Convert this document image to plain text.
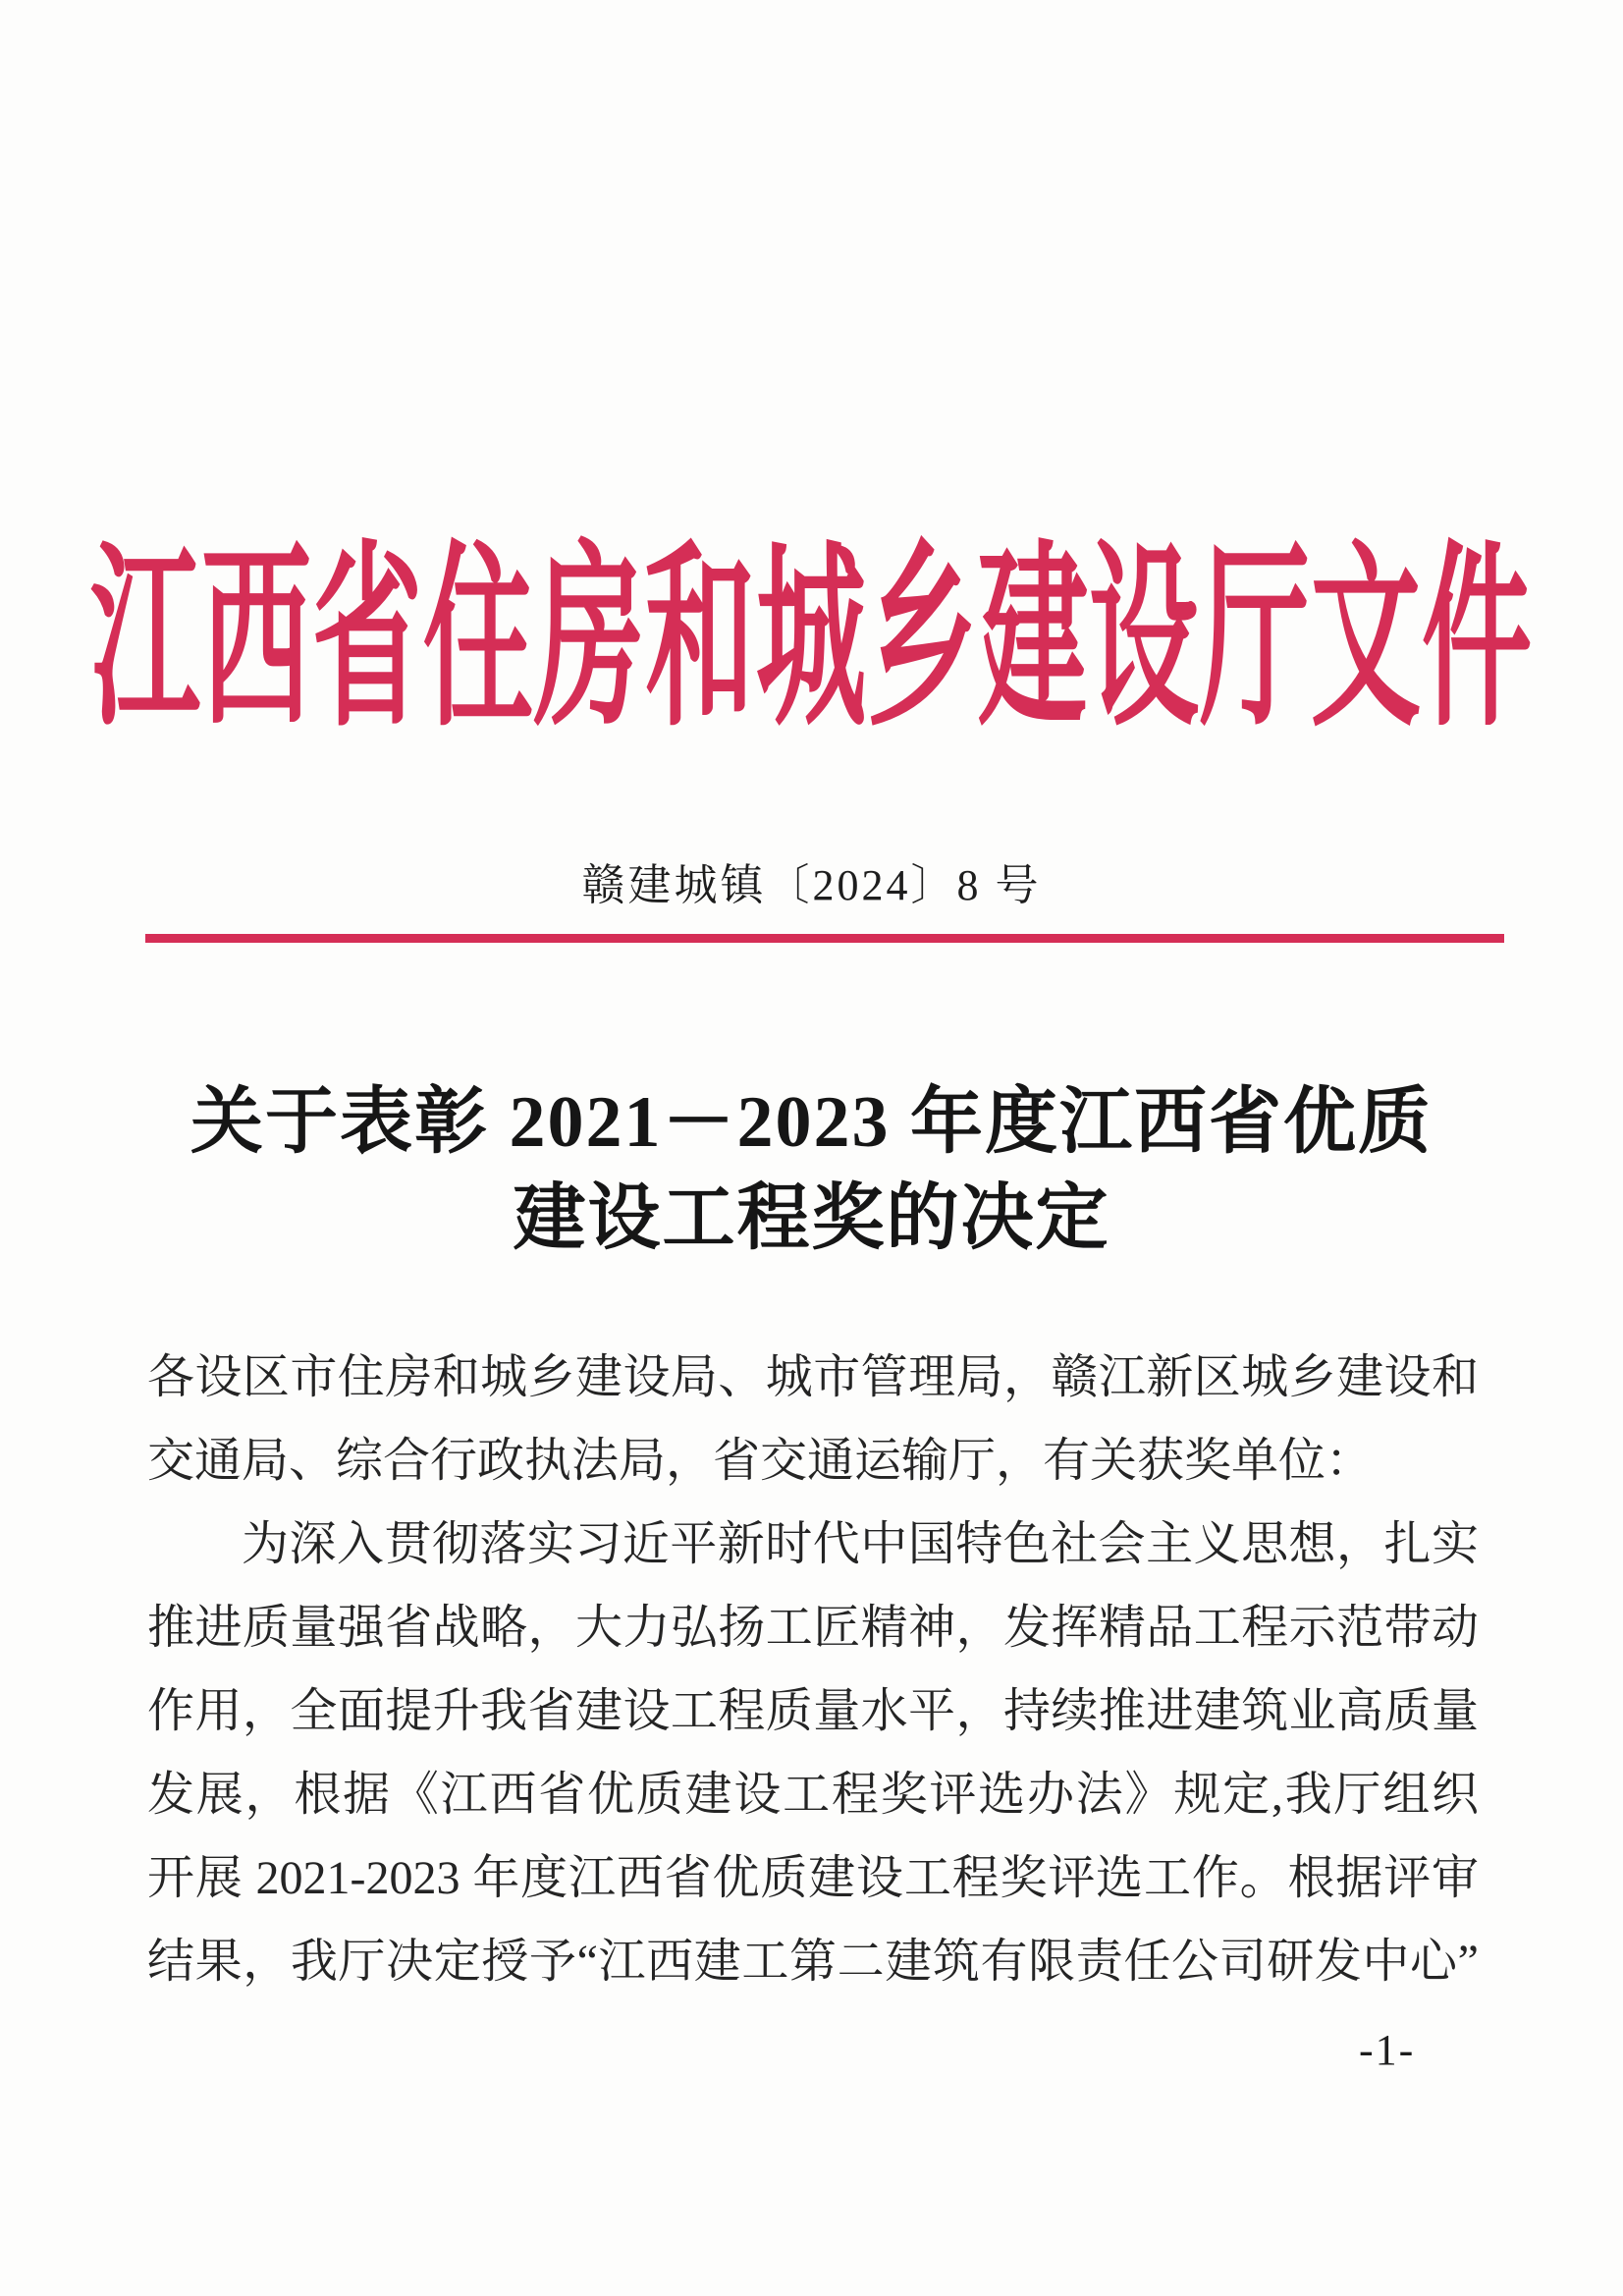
江西省住房和城乡建设厅文件
赣建城镇〔2024〕8 号
关于表彰 2021－2023 年度江西省优质
建设工程奖的决定
各设区市住房和城乡建设局、城市管理局，赣江新区城乡建设和
交通局、综合行政执法局，省交通运输厅，有关获奖单位：
为深入贯彻落实习近平新时代中国特色社会主义思想，扎实
推进质量强省战略，大力弘扬工匠精神，发挥精品工程示范带动
作用，全面提升我省建设工程质量水平，持续推进建筑业高质量
发展，根据《江西省优质建设工程奖评选办法》规定,我厅组织
开展 2021-2023 年度江西省优质建设工程奖评选工作。根据评审
结果，我厅决定授予“江西建工第二建筑有限责任公司研发中心”
-1-
